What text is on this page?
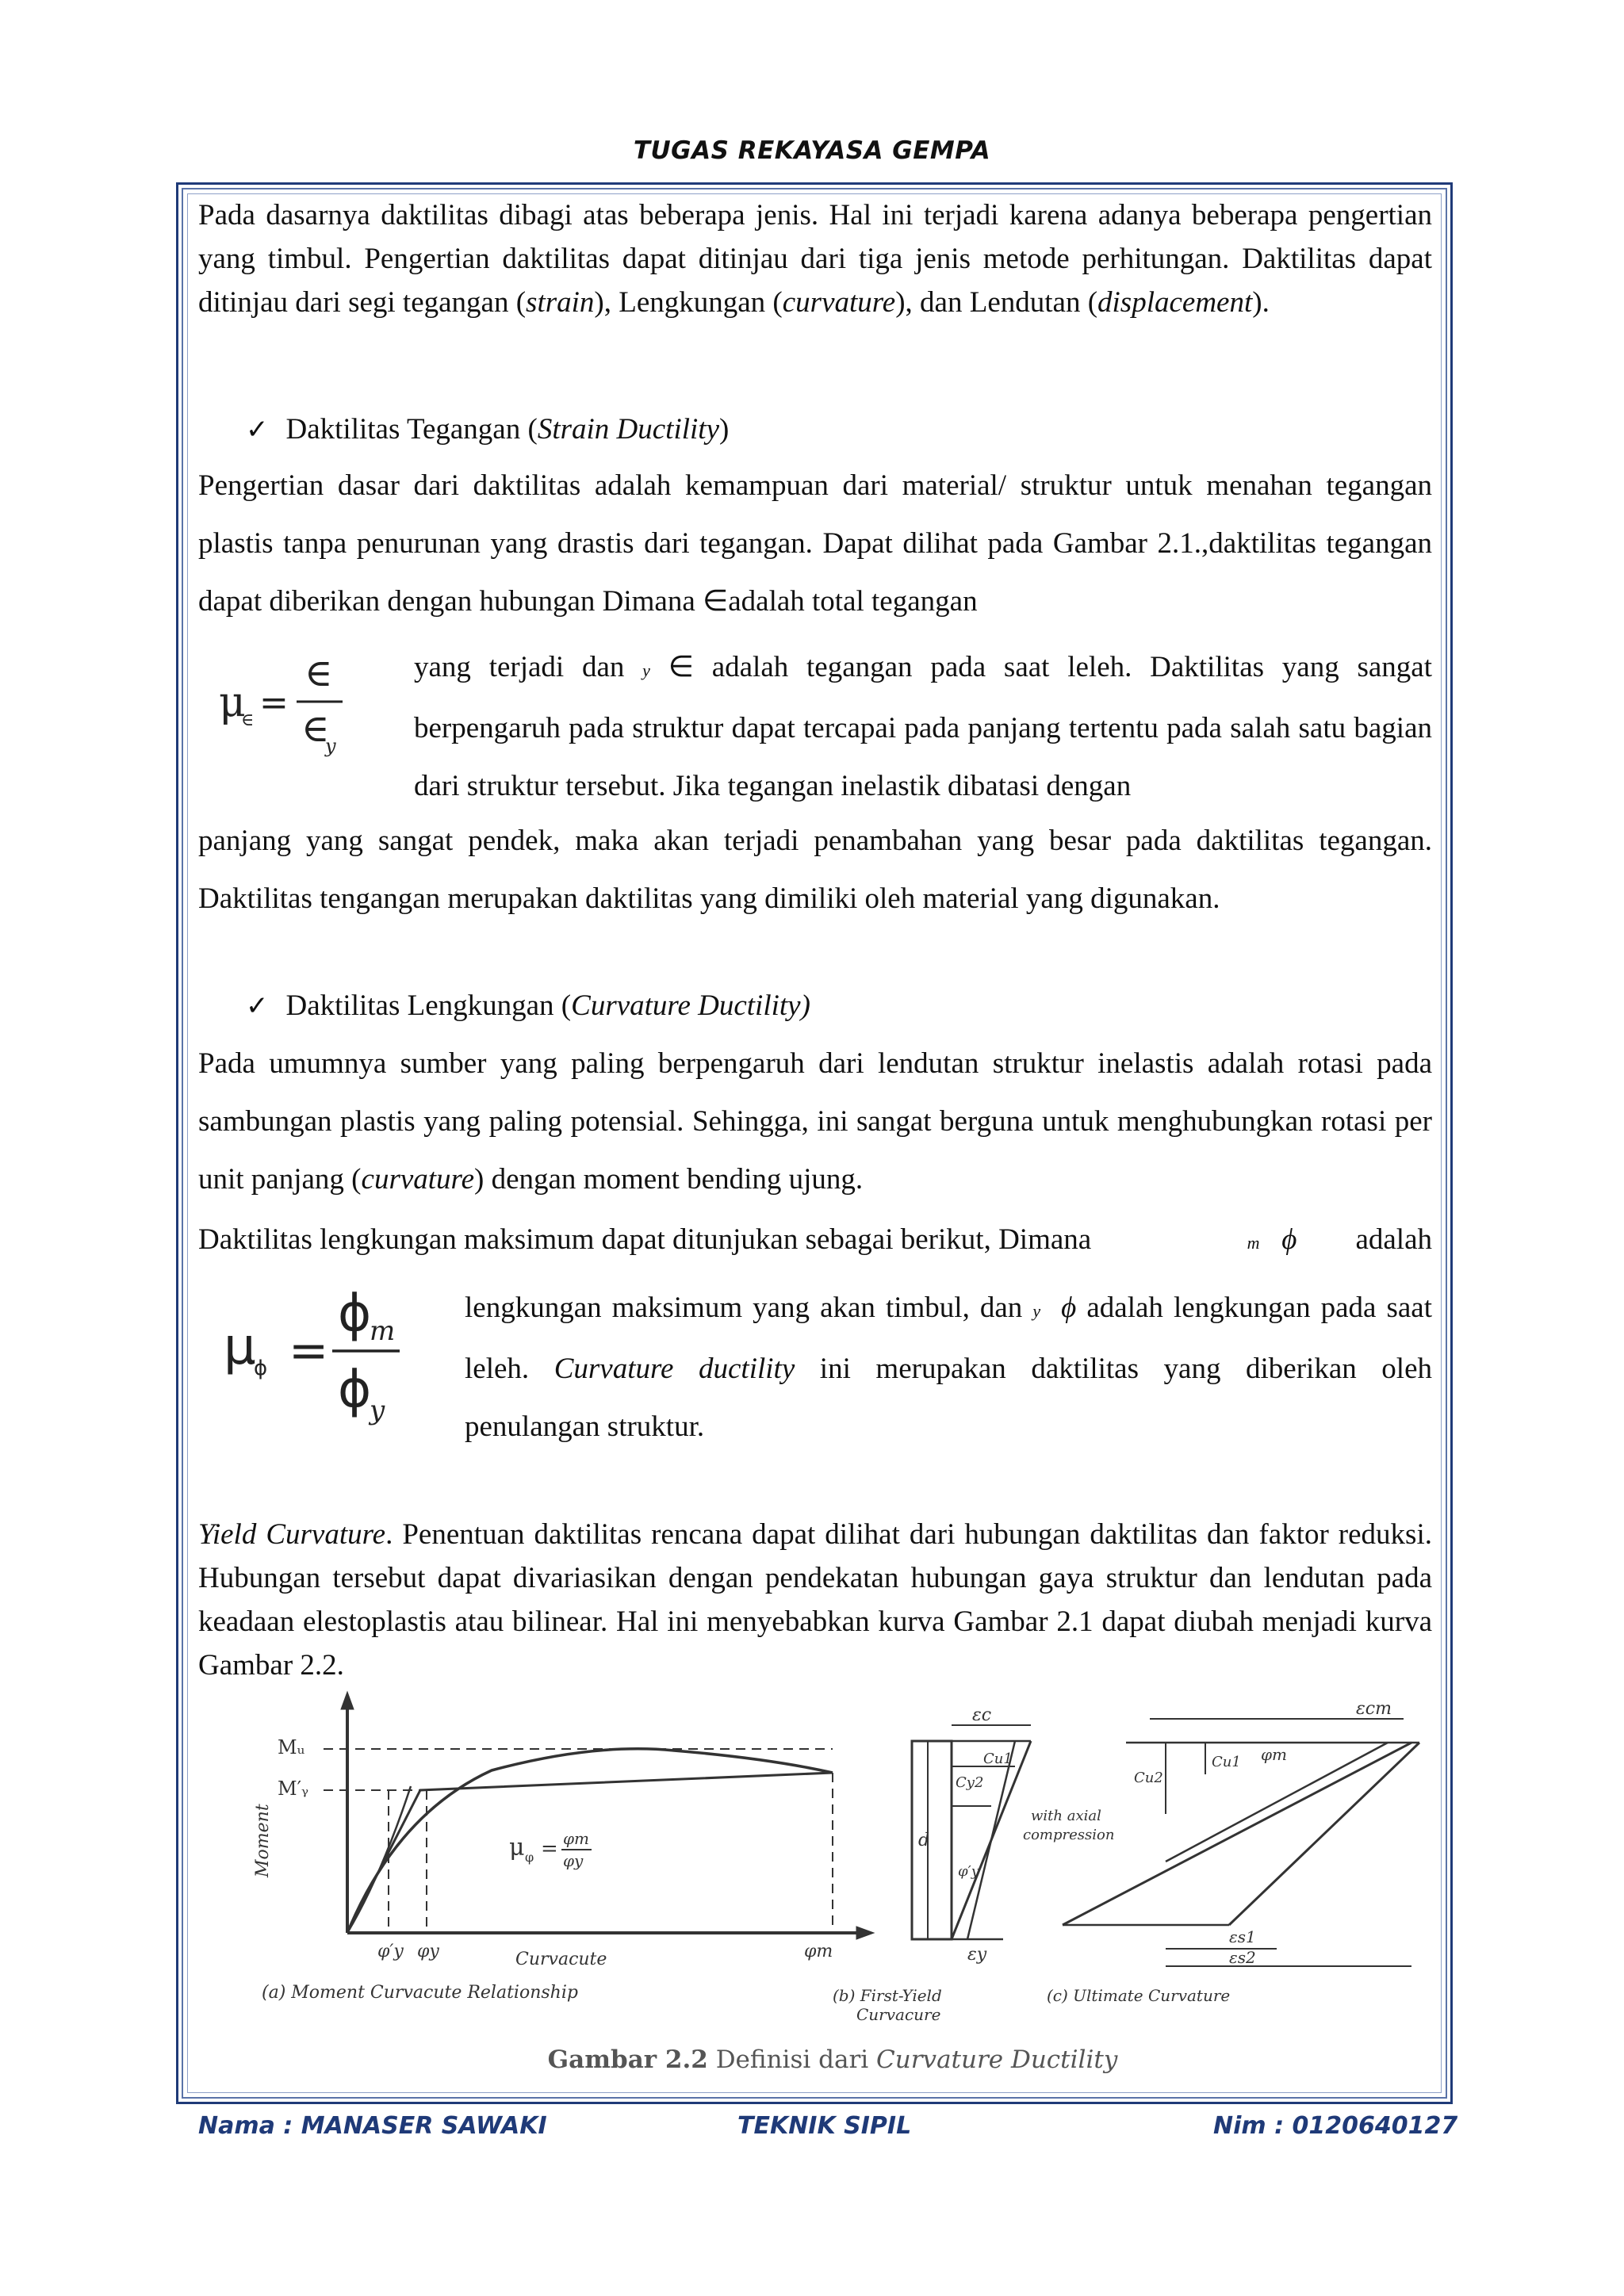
TUGAS REKAYASA GEMPA

Pada dasarnya daktilitas dibagi atas beberapa jenis. Hal ini terjadi karena adanya beberapa pengertian yang timbul. Pengertian daktilitas dapat ditinjau dari tiga jenis metode perhitungan. Daktilitas dapat ditinjau dari segi tegangan (strain), Lengkungan (curvature), dan Lendutan (displacement).

✓ Daktilitas Tegangan (Strain Ductility)

Pengertian dasar dari daktilitas adalah kemampuan dari material/ struktur untuk menahan tegangan plastis tanpa penurunan yang drastis dari tegangan. Dapat dilihat pada Gambar 2.1.,daktilitas tegangan dapat diberikan dengan hubungan Dimana ∈adalah total tegangan

μ
∈ =
∈
∈
y

yang terjadi dan y ∈ adalah tegangan pada saat leleh. Daktilitas yang sangat berpengaruh pada struktur dapat tercapai pada panjang tertentu pada salah satu bagian dari struktur tersebut. Jika tegangan inelastik dibatasi dengan

panjang yang sangat pendek, maka akan terjadi penambahan yang besar pada daktilitas tegangan. Daktilitas tengangan merupakan daktilitas yang dimiliki oleh material yang digunakan.

✓ Daktilitas Lengkungan (Curvature Ductility)

Pada umumnya sumber yang paling berpengaruh dari lendutan struktur inelastis adalah rotasi pada sambungan plastis yang paling potensial. Sehingga, ini sangat berguna untuk menghubungkan rotasi per unit panjang (curvature) dengan moment bending ujung.

Daktilitas lengkungan maksimum dapat ditunjukan sebagai berikut, Dimana	m ϕ adalah
μ
ϕ =
ϕ
m
ϕ
y

lengkungan maksimum yang akan timbul, dan y ϕ adalah lengkungan pada saat leleh. Curvature ductility ini merupakan daktilitas yang diberikan oleh penulangan struktur.

Yield Curvature. Penentuan daktilitas rencana dapat dilihat dari hubungan daktilitas dan faktor reduksi. Hubungan tersebut dapat divariasikan dengan pendekatan hubungan gaya struktur dan lendutan pada keadaan elestoplastis atau bilinear. Hal ini menyebabkan kurva Gambar 2.1 dapat diubah menjadi kurva Gambar 2.2.

Mᵤ
M′ᵧ
Moment	μ φ = φm
φy
φ′y φy	Curvacute	φm
(a) Moment Curvacute Relationship
εc
Cu1
Cy2
d
φ′y
εy
(b) First-Yield
Curvacure
with axial
compression
εcm
Cu1
Cu2
φm
εs1
εs2
(c) Ultimate Curvature
Gambar 2.2 Definisi dari Curvature Ductility
Nama : MANASER SAWAKI	TEKNIK SIPIL	Nim : 0120640127
